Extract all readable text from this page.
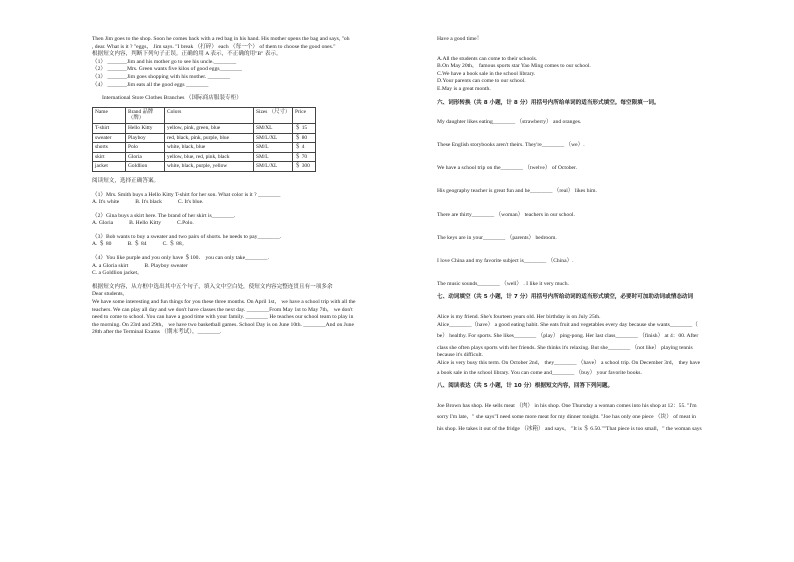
Then Jim goes to the shop. Soon he comes back with a red bag in his hand. His mother opens the bag and says, "oh
, dear. What is it ? "eggs， Jim says. "I break （打碎） each （每一个） of them to choose the good ones."
根据短文内容，判断下列句子正误。正确的用 A 表示，不正确的用"B" 表示。
（1） _______Jim and his mother go to see his uncle.________
（2） _______Mrs. Green wants five kilos of good eggs________
（3） _______Jim goes shopping with his mother. ________
（4） _______Jim eats all the good eggs ________
International Store Clothes Branches （国际商店服装专柜）
Name	Brand 品牌（牌）	Colors	Sizes （尺寸）	Price
T-shirt	Hello Kitty	yellow, pink, green, blue	SM/XL	＄ 15
sweater	Playboy	red, black, pink, purple, blue	SM/L/XL	＄ 80
shorts	Polo	white, black, blue	SM/L	＄ 4
skirt	Gloria	yellow, blue, red, pink, black	SM/L	＄ 70
jacket	Goldlion	white, black, purple, yellow	SM/L/XL	＄ 300
阅读短文，选择正确答案。
（1）Mrs. Smith buys a Hello Kitty T-shirt for her son. What color is it ? ________
A. It's white	B. It's black	C. It's blue.
（2）Gina buys a skirt here. The brand of her skirt is________.
A. Gloria	B. Hello Kitty	C.Polo.
（3）Bob wants to buy a sweater and two pairs of shorts. he needs to pay________.
A. ＄ 80	B. ＄ 84	C. ＄ 88。
（4）You like purple and you only have ＄100． you can only take________.
A. a Gloria skirt	B. Playboy sweater
C. a Goldlion jacket。
根据短文内容，从方框中选出其中五个句子，填入文中空白处，使短文内容完整连贯且有一项多余
Dear students,
We have some interesting and fun things for you these three months. On April 1st， we have a school trip with all the
teachers. We can play all day and we don't have classes the next day. ________From May 1st to May 7th， we don't
need to come to school. You can have a good time with your family. ________ He teaches our school team to play in
the morning. On 23rd and 29th， we have two basketball games. School Day is on June 10th. ________And on June
28th after the Terminal Exams （期末考试），________.
Have a good time！
A.All the students can come to their schools.
B.On May 20th， famous sports star Yao Ming comes to our school.
C.We have a book sale in the school library.
D.Your parents can come to our school.
E.May is a great month.
六、词形转换（共 8 小题，计 8 分）用括号内所给单词的适当形式填空。每空限填一词。
My daughter likes eating________ （strawberry） and oranges.
These English storybooks aren't theirs. They're________ （we）.
We have a school trip on the________ （twelve） of October.
His geography teacher is great fun and he________ （real） likes him.
There are thirty________ （woman） teachers in our school.
The keys are in your________ （parents） bedroom.
I love China and my favorite subject is________ （China）.
The music sounds________ （well） . I like it very much.
七、动词填空（共 5 小题，计 7 分）用括号内所给动词的适当形式填空，必要时可加助动词或情态动词
Alice is my friend. She's fourteen years old. Her birthday is on July 25th.
Alice________（have） a good eating habit. She eats fruit and vegetables every day because she wants________（
be） healthy. For sports. She likes________ （play） ping-pong. Her last class________ （finish） at 4：00. After
class she often plays sports with her friends. She thinks it's relaxing. But she________ （not like） playing tennis
because it's difficult.
Alice is very busy this term. On October 2nd， they________ （have） a school trip. On December 3rd， they have
a book sale in the school library. You can come and________ （buy） your favorite books.
八、阅读表达（共 5 小题，计 10 分）根据短文内容，回答下列问题。
Joe Brown has shop. He sells meat （肉） in his shop. One Thursday a woman comes into his shop at 12：55. "I'm
sorry I'm late，" she says"I need some more meat for my dinner tonight. "Joe has only one piece （块） of meat in
his shop. He takes it out of the fridge （冰箱） and says， "It is ＄ 6.50.""That piece is too small，" the woman says
